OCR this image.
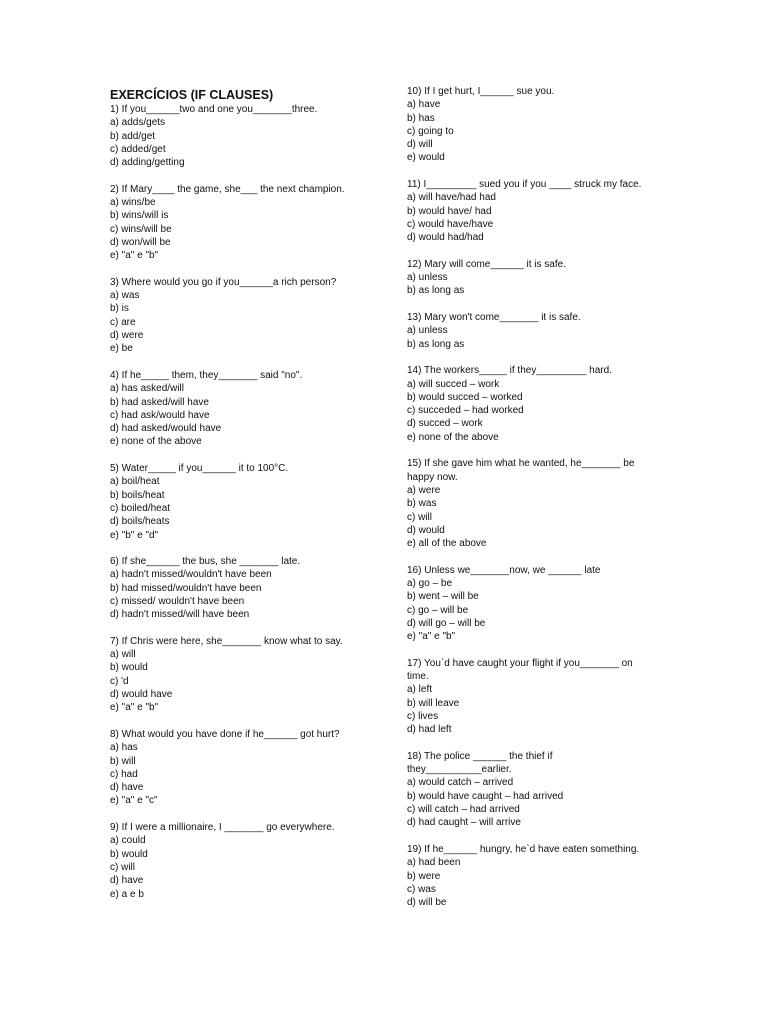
EXERCÍCIOS (IF CLAUSES)
1) If you______two and one you_______three.
a) adds/gets
b) add/get
c) added/get
d) adding/getting
2) If Mary____ the game, she___ the next champion.
a) wins/be
b) wins/will is
c) wins/will be
d) won/will be
e) "a" e "b"
3) Where would you go if you______a rich person?
a) was
b) is
c) are
d) were
e) be
4) If he_____ them, they_______ said "no".
a) has asked/will
b) had asked/will have
c) had ask/would have
d) had asked/would have
e) none of the above
5) Water_____ if you______ it to 100°C.
a) boil/heat
b) boils/heat
c) boiled/heat
d) boils/heats
e) "b" e "d"
6) If she______ the bus, she _______ late.
a) hadn't missed/wouldn't have been
b) had missed/wouldn't have been
c) missed/ wouldn't have been
d) hadn't missed/will have been
7) If Chris were here, she_______ know what to say.
a) will
b) would
c) 'd
d) would have
e) "a" e "b"
8) What would you have done if he______ got hurt?
a) has
b) will
c) had
d) have
e) "a" e "c"
9) If I were a millionaire, I _______ go everywhere.
a) could
b) would
c) will
d) have
e) a e b
10) If I get hurt, I______ sue you.
a) have
b) has
c) going to
d) will
e) would
11) I_________ sued you if you ____ struck my face.
a) will have/had had
b) would have/ had
c) would have/have
d) would had/had
12) Mary will come______ it is safe.
a) unless
b) as long as
13) Mary won't come_______ it is safe.
a) unless
b) as long as
14) The workers_____ if they_________ hard.
a) will succed – work
b) would succed – worked
c) succeded – had worked
d) succed – work
e) none of the above
15) If she gave him what he wanted, he_______ be
happy now.
a) were
b) was
c) will
d) would
e) all of the above
16) Unless we_______now, we ______ late
a) go – be
b) went – will be
c) go – will be
d) will go – will be
e) "a" e "b"
17) You`d have caught your flight if you_______ on
time.
a) left
b) will leave
c) lives
d) had left
18) The police ______ the thief if
they__________earlier.
a) would catch – arrived
b) would have caught – had arrived
c) will catch – had arrived
d) had caught – will arrive
19) If he______ hungry, he`d have eaten something.
a) had been
b) were
c) was
d) will be
